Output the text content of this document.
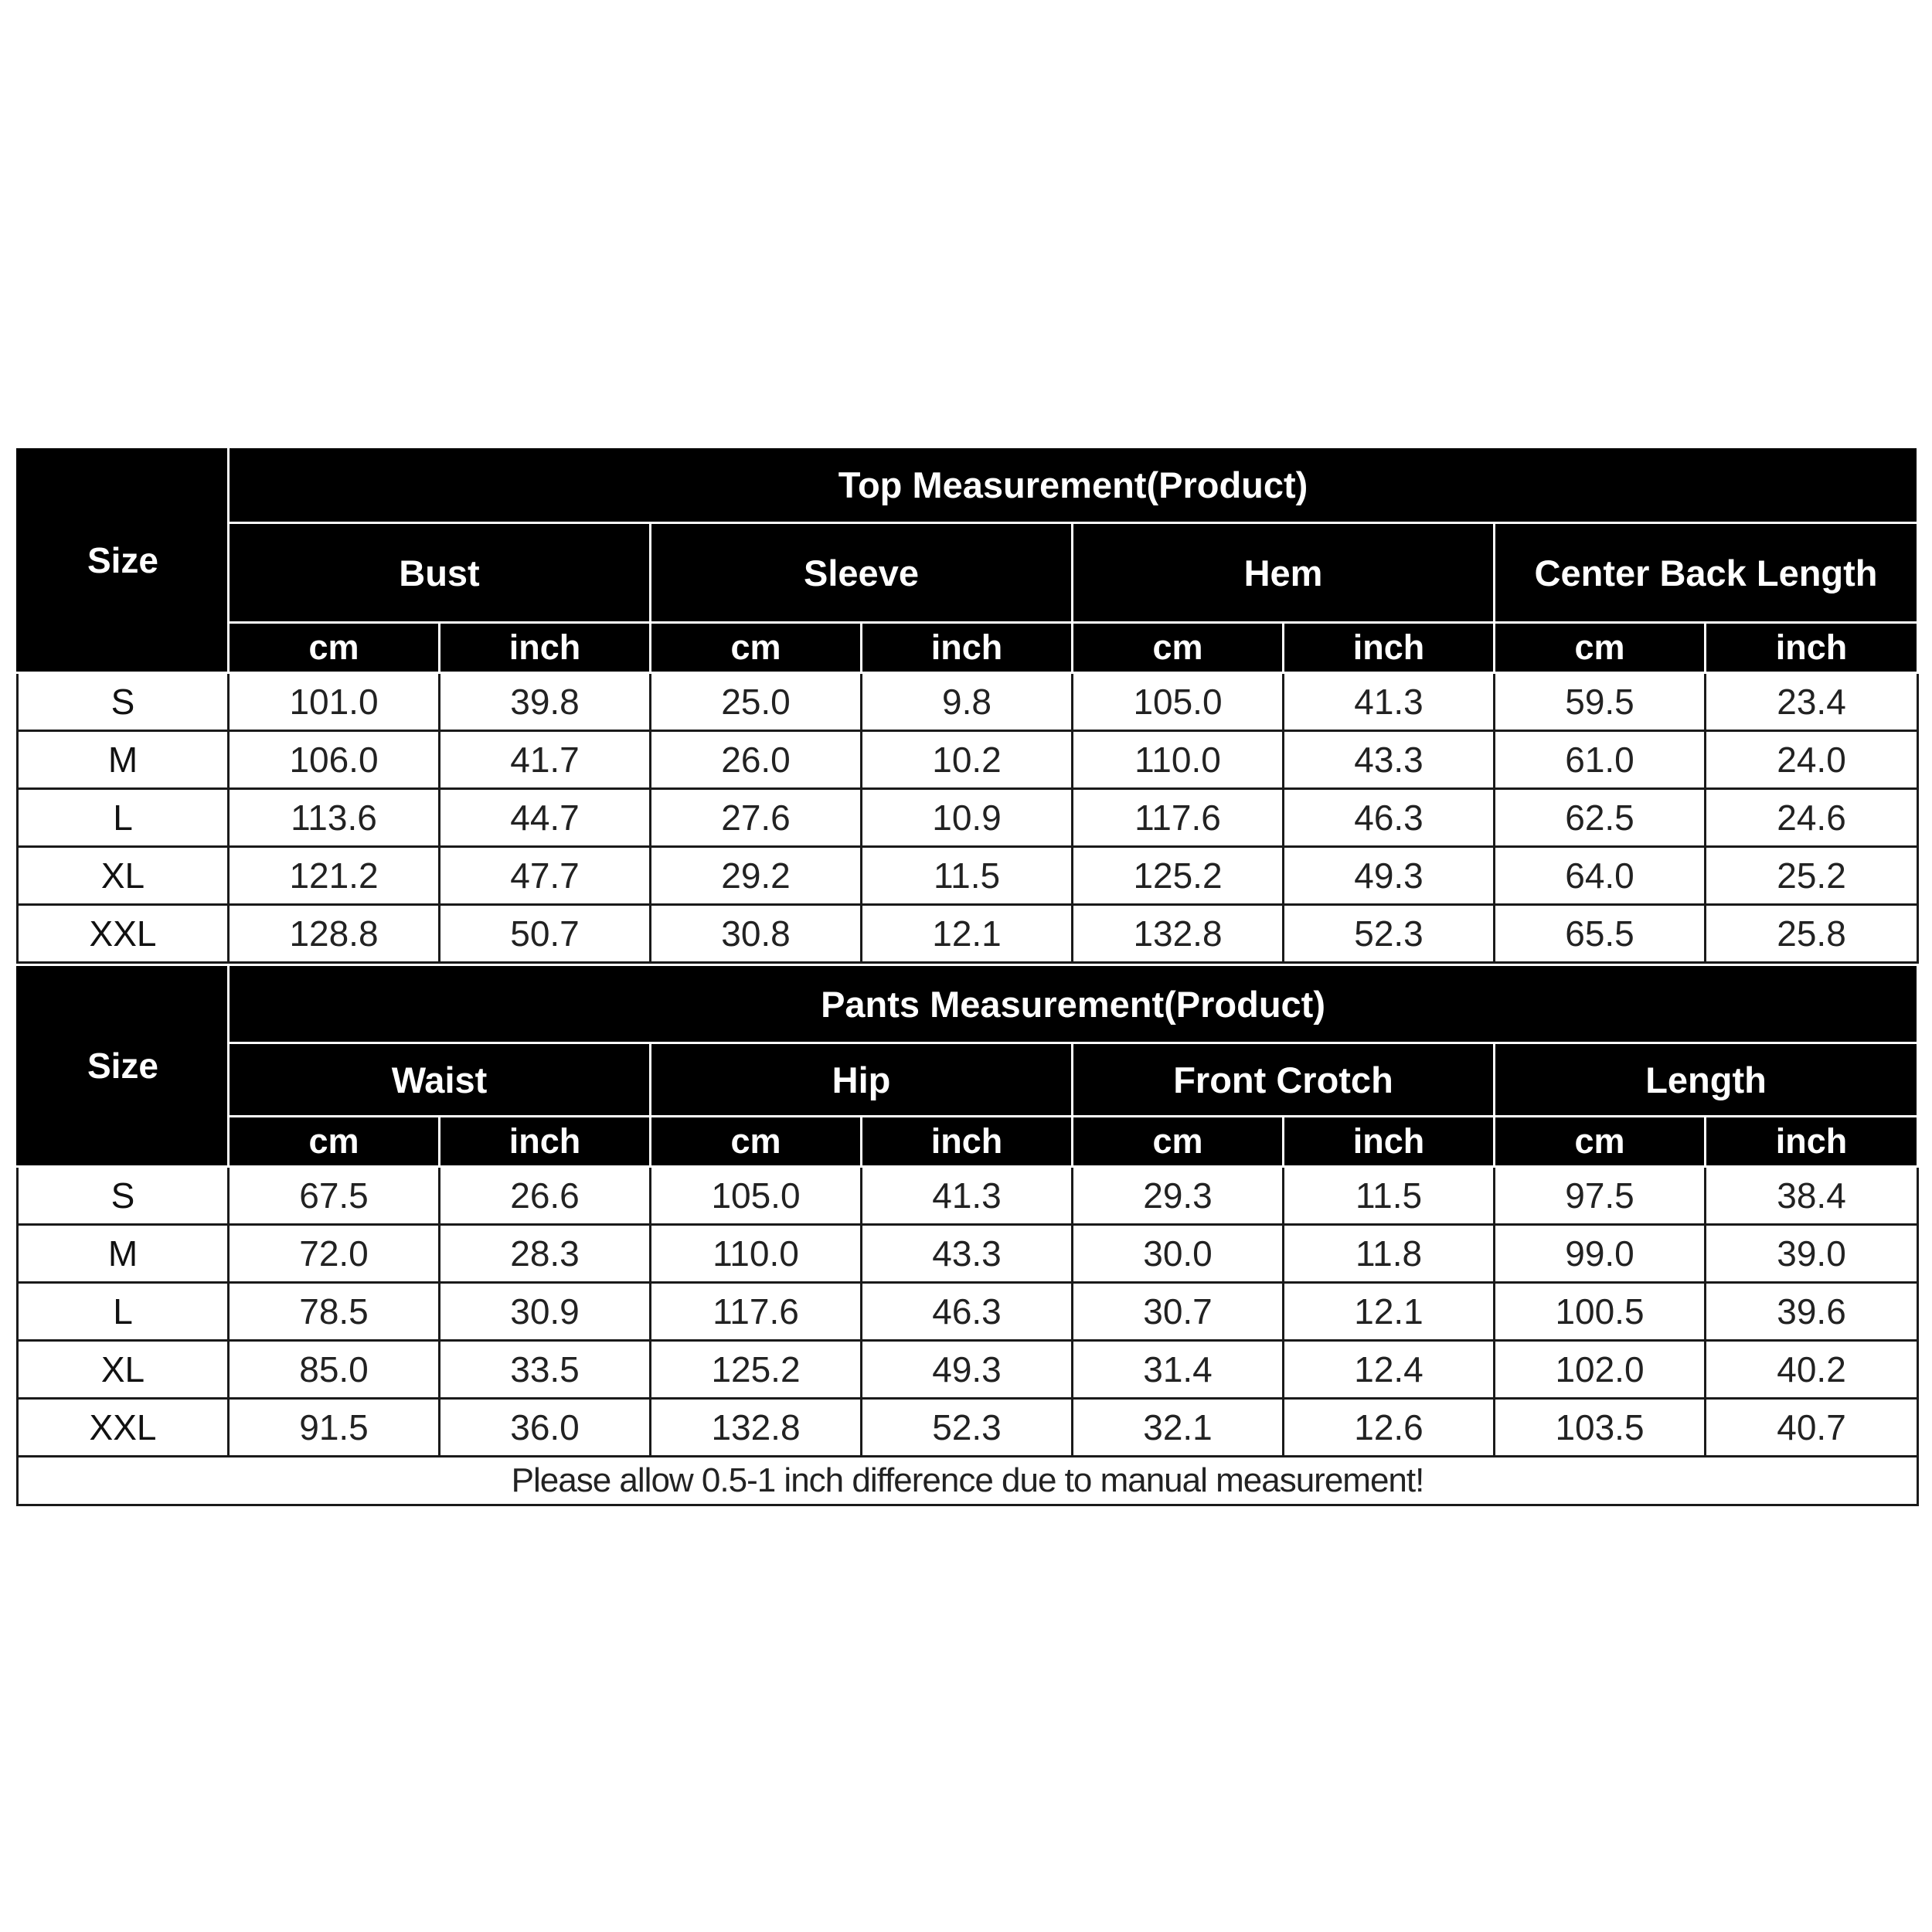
Size	Top Measurement(Product)							
	Bust		Sleeve		Hem		Center Back Length	
	cm	inch	cm	inch	cm	inch	cm	inch
S	101.0	39.8	25.0	9.8	105.0	41.3	59.5	23.4
M	106.0	41.7	26.0	10.2	110.0	43.3	61.0	24.0
L	113.6	44.7	27.6	10.9	117.6	46.3	62.5	24.6
XL	121.2	47.7	29.2	11.5	125.2	49.3	64.0	25.2
XXL	128.8	50.7	30.8	12.1	132.8	52.3	65.5	25.8
Size	Pants Measurement(Product)							
	Waist		Hip		Front Crotch		Length	
	cm	inch	cm	inch	cm	inch	cm	inch
S	67.5	26.6	105.0	41.3	29.3	11.5	97.5	38.4
M	72.0	28.3	110.0	43.3	30.0	11.8	99.0	39.0
L	78.5	30.9	117.6	46.3	30.7	12.1	100.5	39.6
XL	85.0	33.5	125.2	49.3	31.4	12.4	102.0	40.2
XXL	91.5	36.0	132.8	52.3	32.1	12.6	103.5	40.7
Please allow 0.5-1 inch difference due to manual measurement!								
